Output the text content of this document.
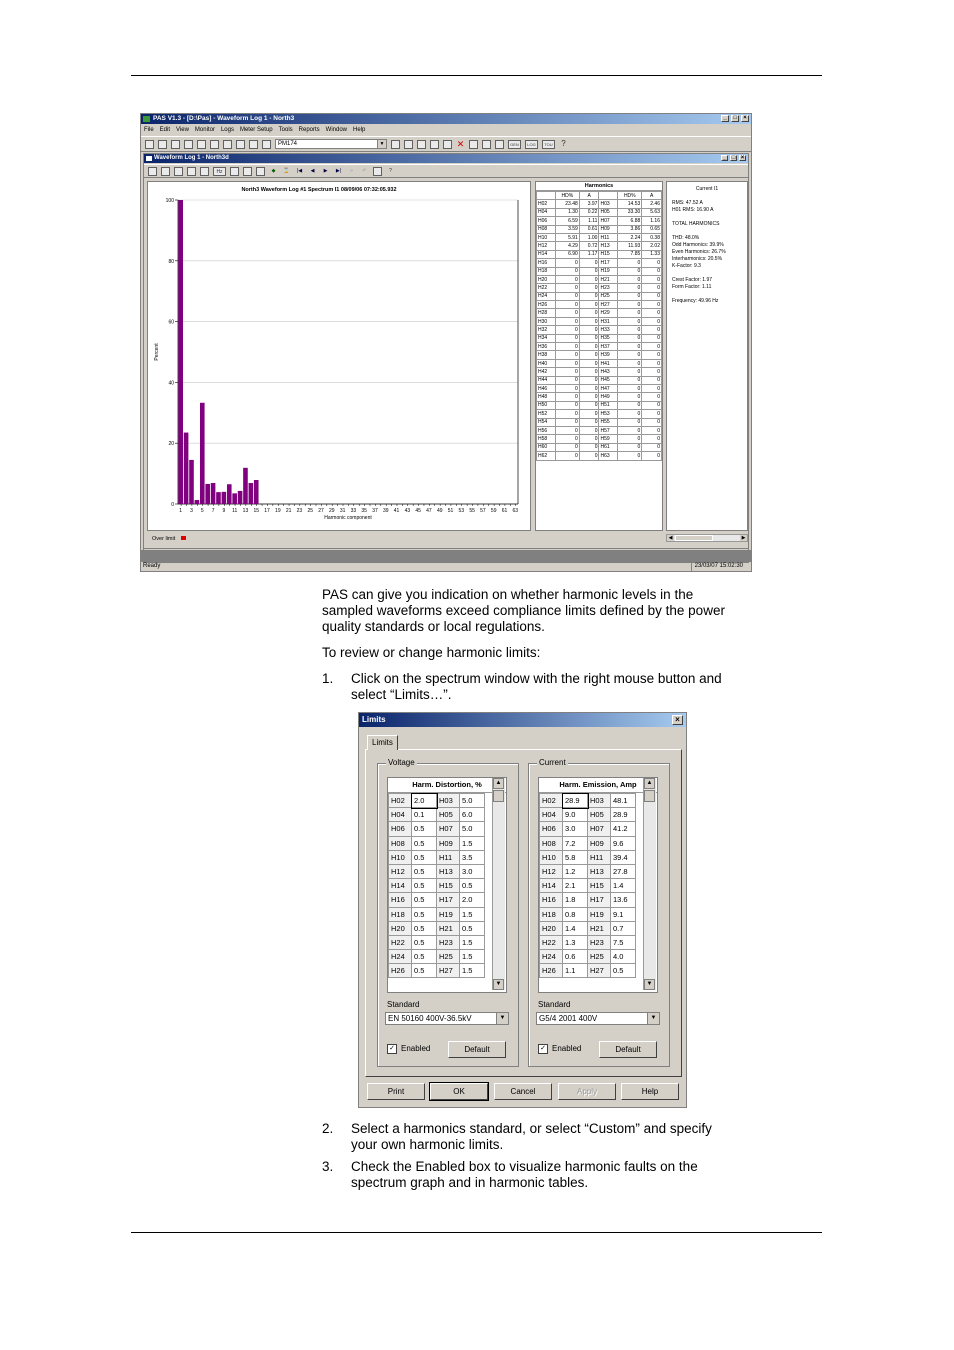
PAS V1.3 - [D:\Pas] - Waveform Log 1 - North3	_	□	×
File Edit View Monitor Logs Meter Setup Tools Reports Window Help
PM174	▼	✕	GEN	LOG	TOU ?
Waveform Log 1 - North3d	_ □ ×
Hz	◆	⌛	|◀	◀	▶	▶|	»	↶	?
North3 Waveform Log #1 Spectrum I1 08/09/06 07:32:05.932
0
20
40
60
80
100
1 3 5 7 9 11 13 15 17 19 21 23 25 27 29 31 33 35 37 39 41 43 45 47 49 51 53 55 57 59 61 63
Harmonic component
Percent
Harmonics
	HD%	A		HD%	A
H02	23.48	3.97	H03	14.53	2.46
H04	1.30	0.22	H05	33.30	5.63
H06	6.59	1.11	H07	6.88	1.16
H08	3.59	0.61	H09	3.86	0.65
H10	5.91	1.00	H11	2.24	0.38
H12	4.29	0.72	H13	11.93	2.02
H14	6.90	1.17	H15	7.85	1.33
H16	0	0	H17	0	0
H18	0	0	H19	0	0
H20	0	0	H21	0	0
H22	0	0	H23	0	0
H24	0	0	H25	0	0
H26	0	0	H27	0	0
H28	0	0	H29	0	0
H30	0	0	H31	0	0
H32	0	0	H33	0	0
H34	0	0	H35	0	0
H36	0	0	H37	0	0
H38	0	0	H39	0	0
H40	0	0	H41	0	0
H42	0	0	H43	0	0
H44	0	0	H45	0	0
H46	0	0	H47	0	0
H48	0	0	H49	0	0
H50	0	0	H51	0	0
H52	0	0	H53	0	0
H54	0	0	H55	0	0
H56	0	0	H57	0	0
H58	0	0	H59	0	0
H60	0	0	H61	0	0
H62	0	0	H63	0	0
Current I1

RMS: 47.52 A
H01 RMS: 16.90 A

TOTAL HARMONICS

THD: 48.0%
Odd Harmonics: 39.9%
Even Harmonics: 26.7%
Interharmonics: 20.5%
K-Factor: 9.3

Crest Factor: 1.97
Form Factor: 1.11

Frequency: 49.96 Hz
◀	▶
Over limit
Ready	23/03/07 15:02:30
PAS can give you indication on whether harmonic levels in the sampled waveforms exceed compliance limits defined by the power quality standards or local regulations.
To review or change harmonic limits:
1. Click on the spectrum window with the right mouse button and select “Limits…”.
Limits	×
Limits
Voltage
Harm. Distortion, %
H02	2.0	H03	5.0
H04	0.1	H05	6.0
H06	0.5	H07	5.0
H08	0.5	H09	1.5
H10	0.5	H11	3.5
H12	0.5	H13	3.0
H14	0.5	H15	0.5
H16	0.5	H17	2.0
H18	0.5	H19	1.5
H20	0.5	H21	0.5
H22	0.5	H23	1.5
H24	0.5	H25	1.5
H26	0.5	H27	1.5
▲
▼
Standard
EN 50160 400V-36.5kV	▼
✓ Enabled	Default
Current
Harm. Emission, Amp
H02	28.9	H03	48.1
H04	9.0	H05	28.9
H06	3.0	H07	41.2
H08	7.2	H09	9.6
H10	5.8	H11	39.4
H12	1.2	H13	27.8
H14	2.1	H15	1.4
H16	1.8	H17	13.6
H18	0.8	H19	9.1
H20	1.4	H21	0.7
H22	1.3	H23	7.5
H24	0.6	H25	4.0
H26	1.1	H27	0.5
▲
▼
Standard
G5/4 2001 400V	▼
✓ Enabled	Default
Print	OK	Cancel	Apply	Help
2. Select a harmonics standard, or select “Custom” and specify your own harmonic limits.
3. Check the Enabled box to visualize harmonic faults on the spectrum graph and in harmonic tables.
